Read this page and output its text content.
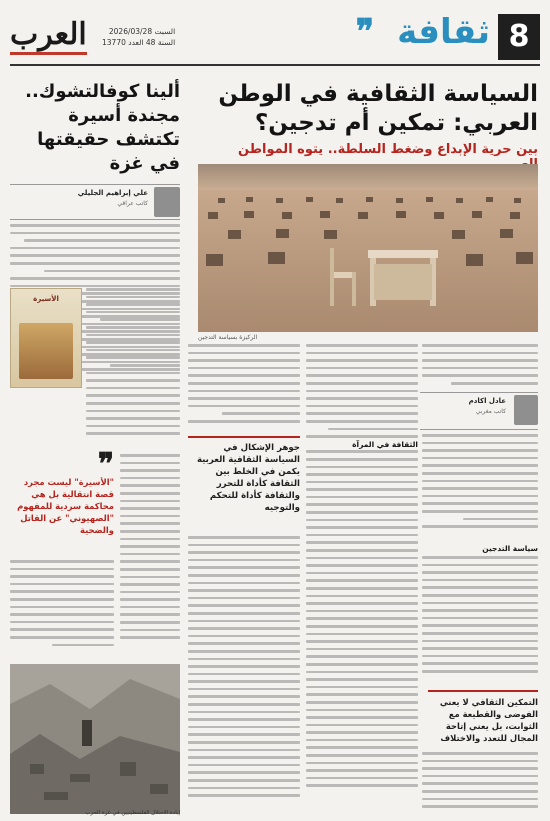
8
ثقافة
❞
السبت 2026/03/28
السنة 48 العدد 13770
العرب
السياسة الثقافية في الوطن العربي: تمكين أم تدجين؟
بين حرية الإبداع وضغط السلطة.. يتوه المواطن
الركيزة بسياسة التدجين
ألينا كوفالتشوك.. مجندة أسيرة تكتشف حقيقتها في غزة
علي إبراهيم الجليلي
كاتب عراقي
الأسيرة
❞
"الأسيرة" ليست مجرد قصة انتقالية بل هي محاكمة سردية للمفهوم "الصهيوني" عن القاتل والضحية
إبادة الاحتلال الفلسطينيين في غزة الحرب
جوهر الإشكال في السياسة الثقافية العربية يكمن في الخلط بين الثقافة كأداة للتحرر والثقافة كأداة للتحكم والتوجيه
الثقافة في المرآة
عادل اكادم
كاتب مغربي
سياسة التدجين
التمكين الثقافي لا يعني الفوضى والقطيعة مع الثوابت، بل يعني إتاحة المجال للتعدد والاختلاف
